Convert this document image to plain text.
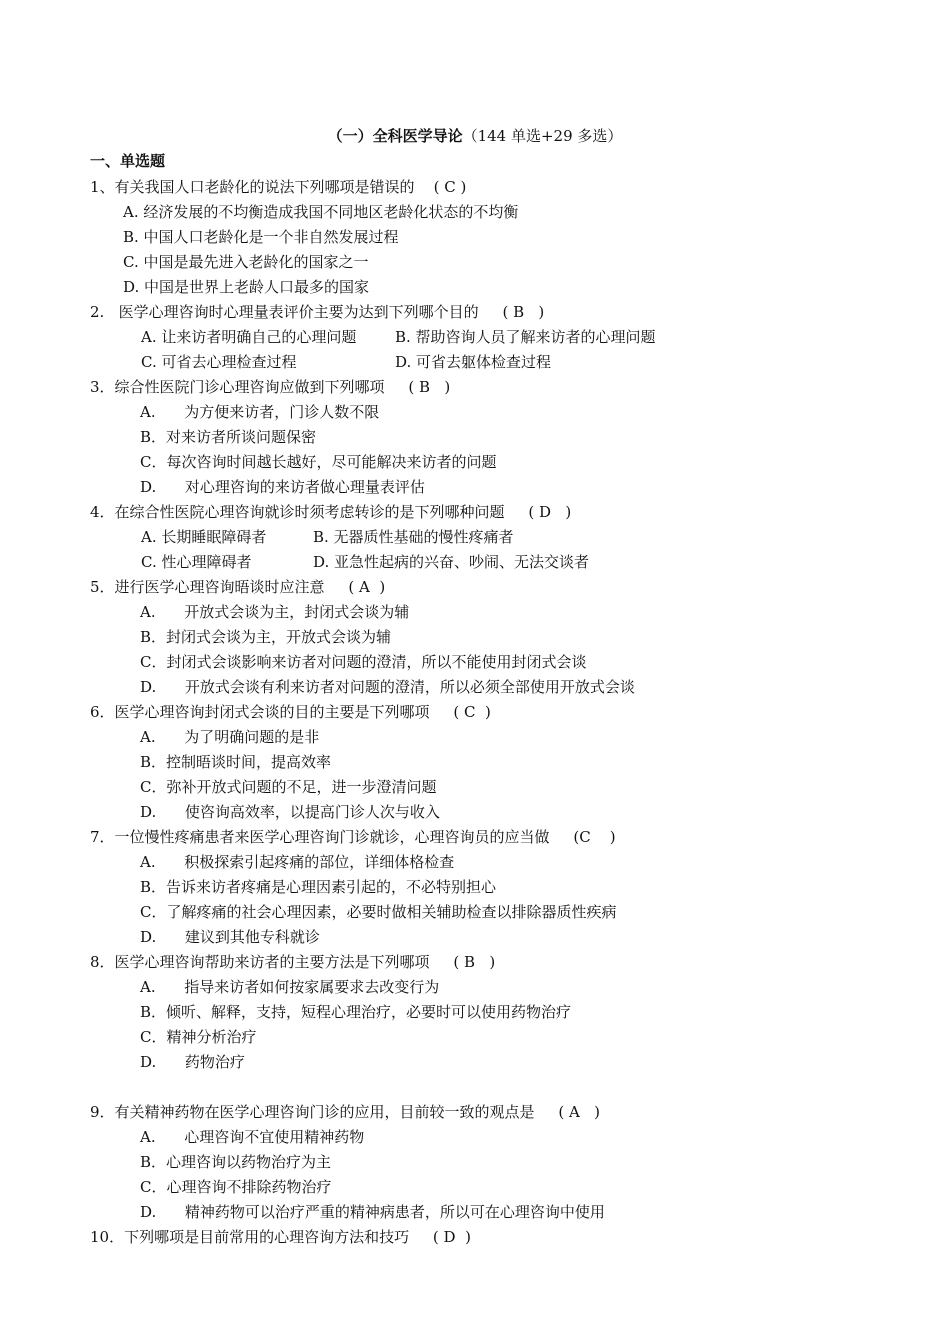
（一）全科医学导论（144 单选+29 多选）
一、单选题
1、有关我国人口老龄化的说法下列哪项是错误的    ( C )
A. 经济发展的不均衡造成我国不同地区老龄化状态的不均衡
B. 中国人口老龄化是一个非自然发展过程
C. 中国是最先进入老龄化的国家之一
D. 中国是世界上老龄人口最多的国家
2.   医学心理咨询时心理量表评价主要为达到下列哪个目的     ( B   )

A. 让来访者明确自己的心理问题

	B. 帮助咨询人员了解来访者的心理问题

C. 可省去心理检查过程

	D. 可省去躯体检查过程

3．综合性医院门诊心理咨询应做到下列哪项     ( B   )
A.      为方便来访者，门诊人数不限
B．对来访者所谈问题保密
C．每次咨询时间越长越好，尽可能解决来访者的问题
D.      对心理咨询的来访者做心理量表评估
4．在综合性医院心理咨询就诊时须考虑转诊的是下列哪种问题     ( D   )

A. 长期睡眠障碍者

	B. 无器质性基础的慢性疼痛者

C. 性心理障碍者

	D. 亚急性起病的兴奋、吵闹、无法交谈者

5．进行医学心理咨询晤谈时应注意     ( A  )
A.      开放式会谈为主，封闭式会谈为辅
B．封闭式会谈为主，开放式会谈为辅
C．封闭式会谈影响来访者对问题的澄清，所以不能使用封闭式会谈
D.      开放式会谈有利来访者对问题的澄清，所以必须全部使用开放式会谈
6．医学心理咨询封闭式会谈的目的主要是下列哪项     ( C  )
A.      为了明确问题的是非
B．控制晤谈时间，提高效率
C．弥补开放式问题的不足，进一步澄清问题
D.      使咨询高效率，以提高门诊人次与收入
7．一位慢性疼痛患者来医学心理咨询门诊就诊，心理咨询员的应当做     (C    )
A.      积极探索引起疼痛的部位，详细体格检查
B．告诉来访者疼痛是心理因素引起的，不必特别担心
C．了解疼痛的社会心理因素，必要时做相关辅助检查以排除器质性疾病
D.      建议到其他专科就诊
8．医学心理咨询帮助来访者的主要方法是下列哪项     ( B   )
A.      指导来访者如何按家属要求去改变行为
B．倾听、解释，支持，短程心理治疗，必要时可以使用药物治疗
C．精神分析治疗
D.      药物治疗
9．有关精神药物在医学心理咨询门诊的应用，目前较一致的观点是     ( A   )
A.      心理咨询不宜使用精神药物
B．心理咨询以药物治疗为主
C．心理咨询不排除药物治疗
D.      精神药物可以治疗严重的精神病患者，所以可在心理咨询中使用
10．下列哪项是目前常用的心理咨询方法和技巧     ( D  )
